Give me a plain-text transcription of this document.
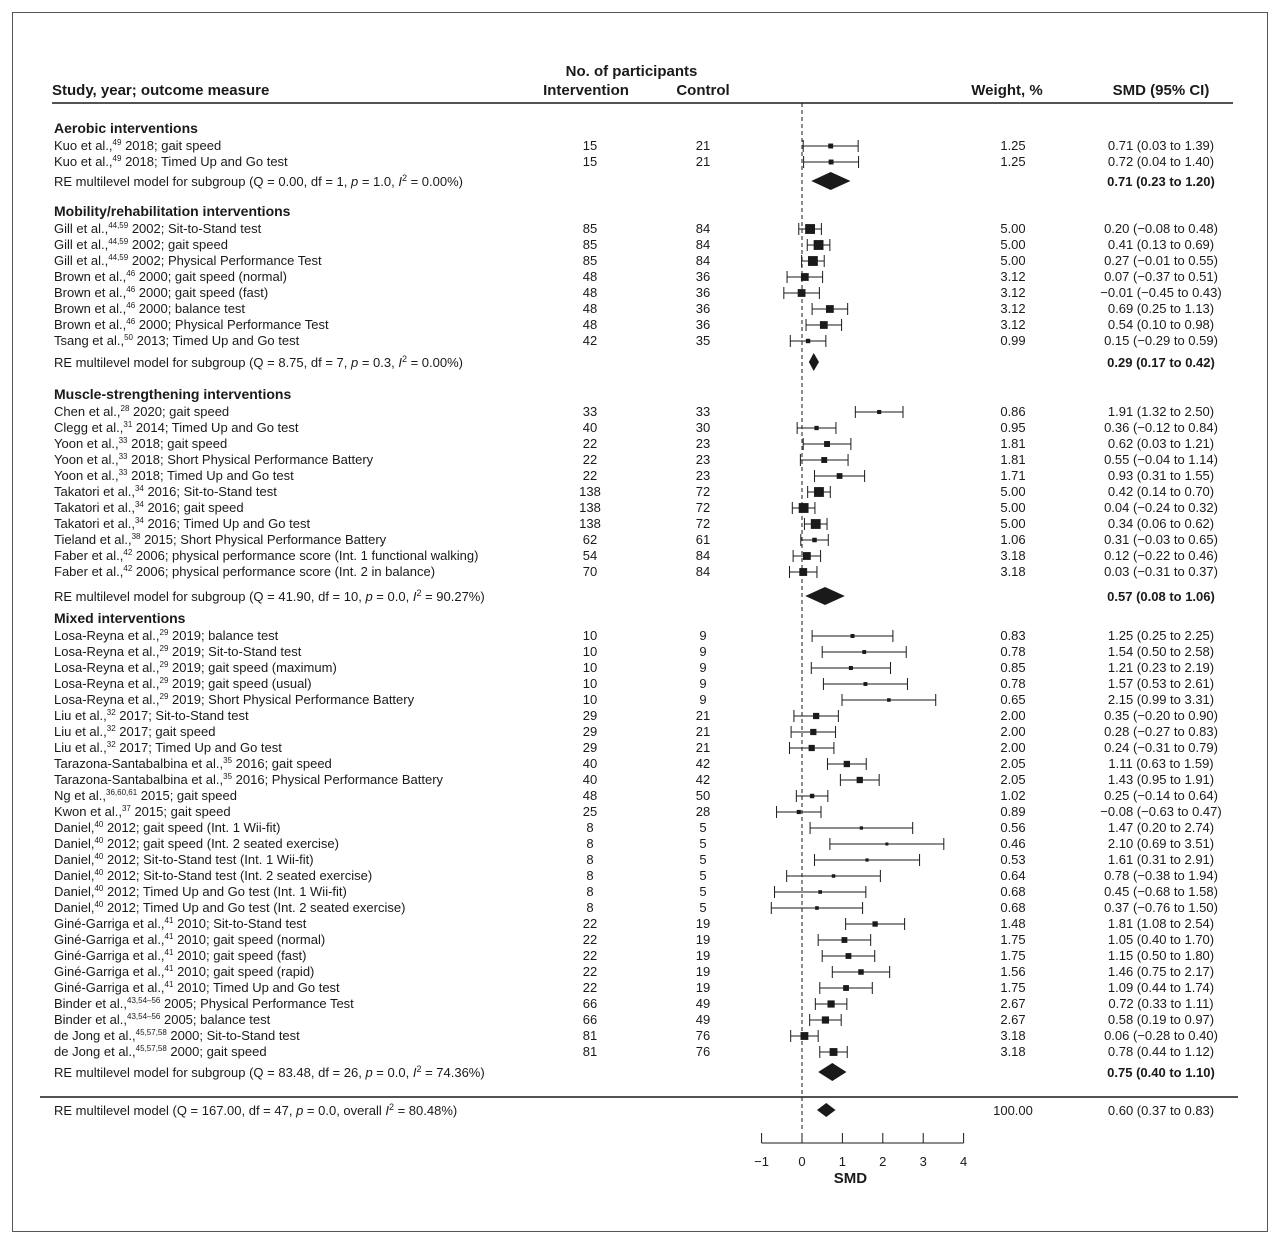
No. of participants
Study, year; outcome measure	Intervention	Control	Weight, %	SMD (95% CI)
Aerobic interventions
Kuo et al.,$^{49}$ 2018; gait speed	15	21	1.25	0.71 (0.03 to 1.39)
Kuo et al.,$^{49}$ 2018; Timed Up and Go test	15	21	1.25	0.72 (0.04 to 1.40)
RE multilevel model for subgroup (Q = 0.00, df = 1, p = 1.0, $I^2 = 0.00\%$)	0.71 (0.23 to 1.20)
Mobility/rehabilitation interventions
Gill et al.,$^{44,59}$ 2002; Sit-to-Stand test	85	84	5.00	0.20 (−0.08 to 0.48)
Gill et al.,$^{44,59}$ 2002; gait speed	85	84	5.00	0.41 (0.13 to 0.69)
Gill et al.,$^{44,59}$ 2002; Physical Performance Test	85	84	5.00	0.27 (−0.01 to 0.55)
Brown et al.,$^{46}$ 2000; gait speed (normal)	48	36	3.12	0.07 (−0.37 to 0.51)
Brown et al.,$^{46}$ 2000; gait speed (fast)	48	36	3.12	−0.01 (−0.45 to 0.43)
Brown et al.,$^{46}$ 2000; balance test	48	36	3.12	0.69 (0.25 to 1.13)
Brown et al.,$^{46}$ 2000; Physical Performance Test	48	36	3.12	0.54 (0.10 to 0.98)
Tsang et al.,$^{50}$ 2013; Timed Up and Go test	42	35	0.99	0.15 (−0.29 to 0.59)
RE multilevel model for subgroup (Q = 8.75, df = 7, p = 0.3, $I^2 = 0.00\%$)	0.29 (0.17 to 0.42)
Muscle-strengthening interventions
Chen et al.,$^{28}$ 2020; gait speed	33	33	0.86	1.91 (1.32 to 2.50)
Clegg et al.,$^{31}$ 2014; Timed Up and Go test	40	30	0.95	0.36 (−0.12 to 0.84)
Yoon et al.,$^{33}$ 2018; gait speed	22	23	1.81	0.62 (0.03 to 1.21)
Yoon et al.,$^{33}$ 2018; Short Physical Performance Battery	22	23	1.81	0.55 (−0.04 to 1.14)
Yoon et al.,$^{33}$ 2018; Timed Up and Go test	22	23	1.71	0.93 (0.31 to 1.55)
Takatori et al.,$^{34}$ 2016; Sit-to-Stand test	138	72	5.00	0.42 (0.14 to 0.70)
Takatori et al.,$^{34}$ 2016; gait speed	138	72	5.00	0.04 (−0.24 to 0.32)
Takatori et al.,$^{34}$ 2016; Timed Up and Go test	138	72	5.00	0.34 (0.06 to 0.62)
Tieland et al.,$^{38}$ 2015; Short Physical Performance Battery	62	61	1.06	0.31 (−0.03 to 0.65)
Faber et al.,$^{42}$ 2006; physical performance score (Int. 1 functional walking)	54	84	3.18	0.12 (−0.22 to 0.46)
Faber et al.,$^{42}$ 2006; physical performance score (Int. 2 in balance)	70	84	3.18	0.03 (−0.31 to 0.37)
RE multilevel model for subgroup (Q = 41.90, df = 10, p = 0.0, $I^2 = 90.27\%$)	0.57 (0.08 to 1.06)
Mixed interventions
Losa-Reyna et al.,$^{29}$ 2019; balance test	10	9	0.83	1.25 (0.25 to 2.25)
Losa-Reyna et al.,$^{29}$ 2019; Sit-to-Stand test	10	9	0.78	1.54 (0.50 to 2.58)
Losa-Reyna et al.,$^{29}$ 2019; gait speed (maximum)	10	9	0.85	1.21 (0.23 to 2.19)
Losa-Reyna et al.,$^{29}$ 2019; gait speed (usual)	10	9	0.78	1.57 (0.53 to 2.61)
Losa-Reyna et al.,$^{29}$ 2019; Short Physical Performance Battery	10	9	0.65	2.15 (0.99 to 3.31)
Liu et al.,$^{32}$ 2017; Sit-to-Stand test	29	21	2.00	0.35 (−0.20 to 0.90)
Liu et al.,$^{32}$ 2017; gait speed	29	21	2.00	0.28 (−0.27 to 0.83)
Liu et al.,$^{32}$ 2017; Timed Up and Go test	29	21	2.00	0.24 (−0.31 to 0.79)
Tarazona-Santabalbina et al.,$^{35}$ 2016; gait speed	40	42	2.05	1.11 (0.63 to 1.59)
Tarazona-Santabalbina et al.,$^{35}$ 2016; Physical Performance Battery	40	42	2.05	1.43 (0.95 to 1.91)
Ng et al.,$^{36,60,61}$ 2015; gait speed	48	50	1.02	0.25 (−0.14 to 0.64)
Kwon et al.,$^{37}$ 2015; gait speed	25	28	0.89	−0.08 (−0.63 to 0.47)
Daniel,$^{40}$ 2012; gait speed (Int. 1 Wii-fit)	8	5	0.56	1.47 (0.20 to 2.74)
Daniel,$^{40}$ 2012; gait speed (Int. 2 seated exercise)	8	5	0.46	2.10 (0.69 to 3.51)
Daniel,$^{40}$ 2012; Sit-to-Stand test (Int. 1 Wii-fit)	8	5	0.53	1.61 (0.31 to 2.91)
Daniel,$^{40}$ 2012; Sit-to-Stand test (Int. 2 seated exercise)	8	5	0.64	0.78 (−0.38 to 1.94)
Daniel,$^{40}$ 2012; Timed Up and Go test (Int. 1 Wii-fit)	8	5	0.68	0.45 (−0.68 to 1.58)
Daniel,$^{40}$ 2012; Timed Up and Go test (Int. 2 seated exercise)	8	5	0.68	0.37 (−0.76 to 1.50)
Giné-Garriga et al.,$^{41}$ 2010; Sit-to-Stand test	22	19	1.48	1.81 (1.08 to 2.54)
Giné-Garriga et al.,$^{41}$ 2010; gait speed (normal)	22	19	1.75	1.05 (0.40 to 1.70)
Giné-Garriga et al.,$^{41}$ 2010; gait speed (fast)	22	19	1.75	1.15 (0.50 to 1.80)
Giné-Garriga et al.,$^{41}$ 2010; gait speed (rapid)	22	19	1.56	1.46 (0.75 to 2.17)
Giné-Garriga et al.,$^{41}$ 2010; Timed Up and Go test	22	19	1.75	1.09 (0.44 to 1.74)
Binder et al.,$^{43,54-56}$ 2005; Physical Performance Test	66	49	2.67	0.72 (0.33 to 1.11)
Binder et al.,$^{43,54-56}$ 2005; balance test	66	49	2.67	0.58 (0.19 to 0.97)
de Jong et al.,$^{45,57,58}$ 2000; Sit-to-Stand test	81	76	3.18	0.06 (−0.28 to 0.40)
de Jong et al.,$^{45,57,58}$ 2000; gait speed	81	76	3.18	0.78 (0.44 to 1.12)
RE multilevel model for subgroup (Q = 83.48, df = 26, p = 0.0, $I^2 = 74.36\%$)	0.75 (0.40 to 1.10)
RE multilevel model (Q = 167.00, df = 47, p = 0.0, overall $I^2 = 80.48\%$)	100.00	0.60 (0.37 to 0.83)
−1 0	1	2	3	4
SMD
